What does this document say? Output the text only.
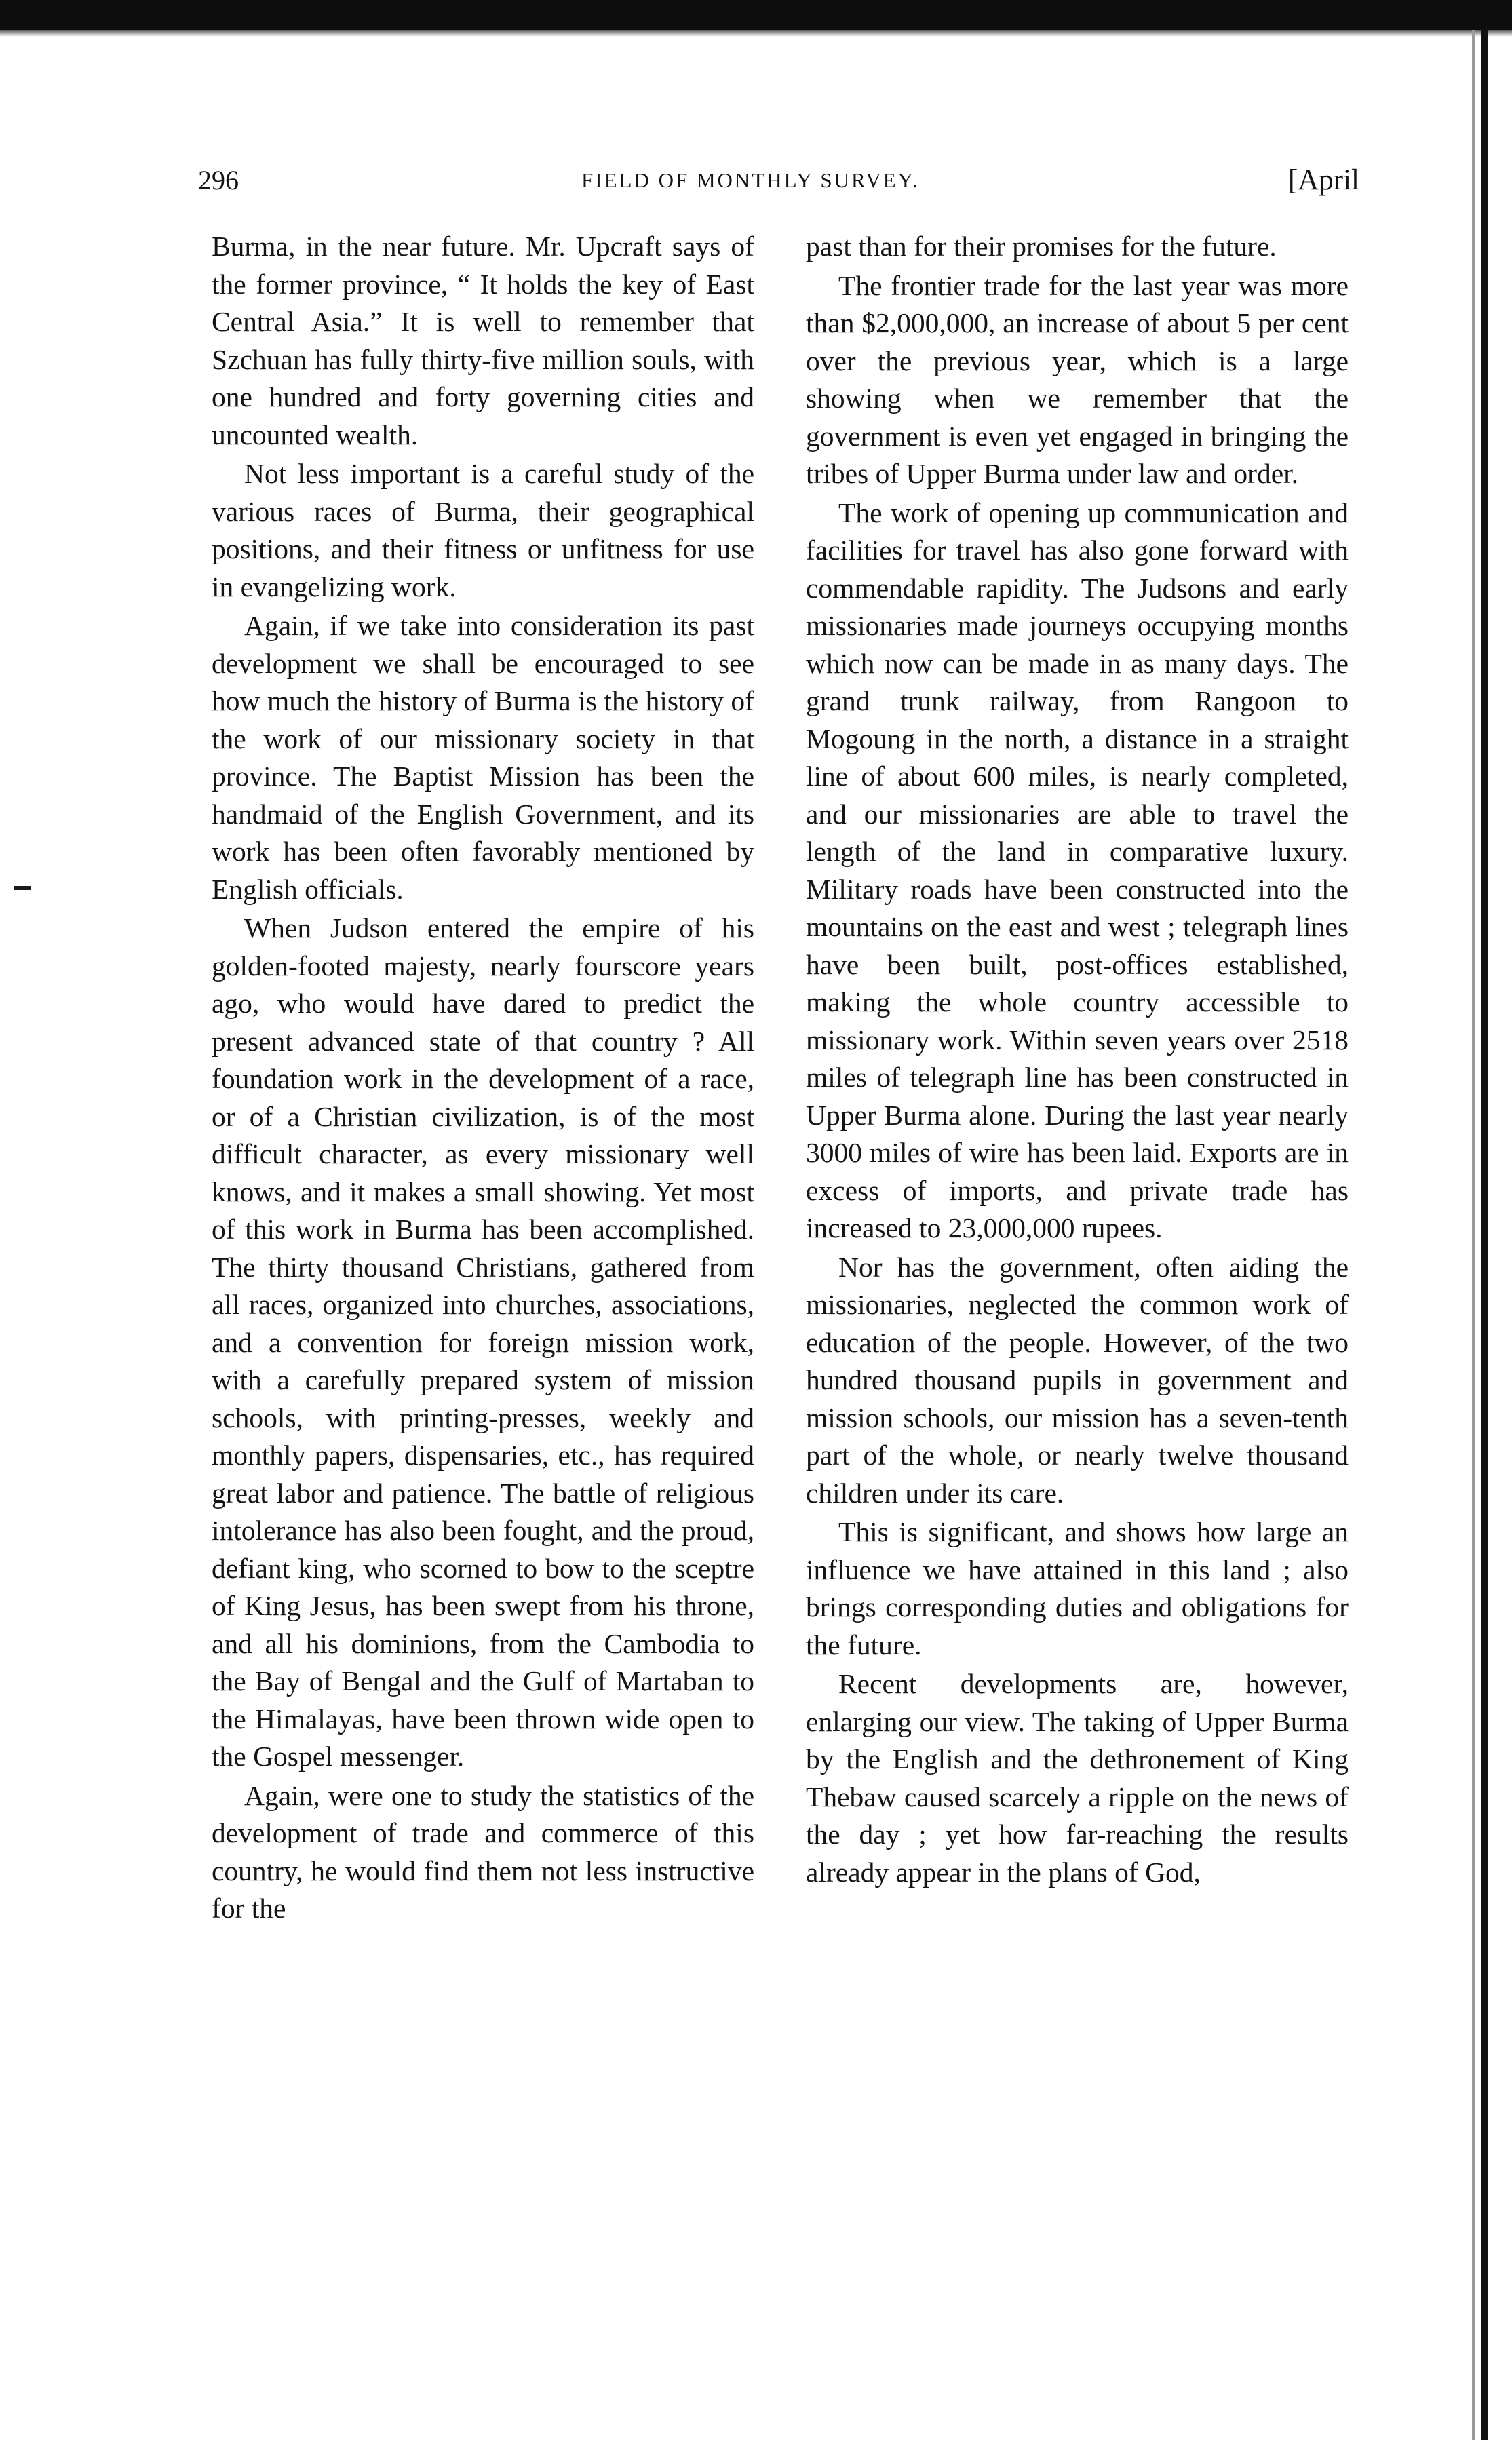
296	FIELD OF MONTHLY SURVEY.	[April

Burma, in the near future. Mr. Upcraft says of the former province, “ It holds the key of East Central Asia.” It is well to remember that Szchuan has fully thirty-five million souls, with one hundred and forty governing cities and uncounted wealth.

Not less important is a careful study of the various races of Burma, their geographical positions, and their fitness or unfitness for use in evangelizing work.

Again, if we take into consideration its past development we shall be encouraged to see how much the history of Burma is the history of the work of our missionary society in that province. The Baptist Mission has been the handmaid of the English Government, and its work has been often favorably mentioned by English officials.

When Judson entered the empire of his golden-footed majesty, nearly fourscore years ago, who would have dared to predict the present advanced state of that country ? All foundation work in the development of a race, or of a Christian civilization, is of the most difficult character, as every missionary well knows, and it makes a small showing. Yet most of this work in Burma has been accomplished. The thirty thousand Christians, gathered from all races, organized into churches, associations, and a convention for foreign mission work, with a carefully prepared system of mission schools, with printing-presses, weekly and monthly papers, dispensaries, etc., has required great labor and patience. The battle of religious intolerance has also been fought, and the proud, defiant king, who scorned to bow to the sceptre of King Jesus, has been swept from his throne, and all his dominions, from the Cambodia to the Bay of Bengal and the Gulf of Martaban to the Himalayas, have been thrown wide open to the Gospel messenger.

Again, were one to study the statistics of the development of trade and commerce of this country, he would find them not less instructive for the

past than for their promises for the future.

The frontier trade for the last year was more than $2,000,000, an increase of about 5 per cent over the previous year, which is a large showing when we remember that the government is even yet engaged in bringing the tribes of Upper Burma under law and order.

The work of opening up communication and facilities for travel has also gone forward with commendable rapidity. The Judsons and early missionaries made journeys occupying months which now can be made in as many days. The grand trunk railway, from Rangoon to Mogoung in the north, a distance in a straight line of about 600 miles, is nearly completed, and our missionaries are able to travel the length of the land in comparative luxury. Military roads have been constructed into the mountains on the east and west ; telegraph lines have been built, post-offices established, making the whole country accessible to missionary work. Within seven years over 2518 miles of telegraph line has been constructed in Upper Burma alone. During the last year nearly 3000 miles of wire has been laid. Exports are in excess of imports, and private trade has increased to 23,000,000 rupees.

Nor has the government, often aiding the missionaries, neglected the common work of education of the people. However, of the two hundred thousand pupils in government and mission schools, our mission has a seven-tenth part of the whole, or nearly twelve thousand children under its care.

This is significant, and shows how large an influence we have attained in this land ; also brings corresponding duties and obligations for the future.

Recent developments are, however, enlarging our view. The taking of Upper Burma by the English and the dethronement of King Thebaw caused scarcely a ripple on the news of the day ; yet how far-reaching the results already appear in the plans of God,
